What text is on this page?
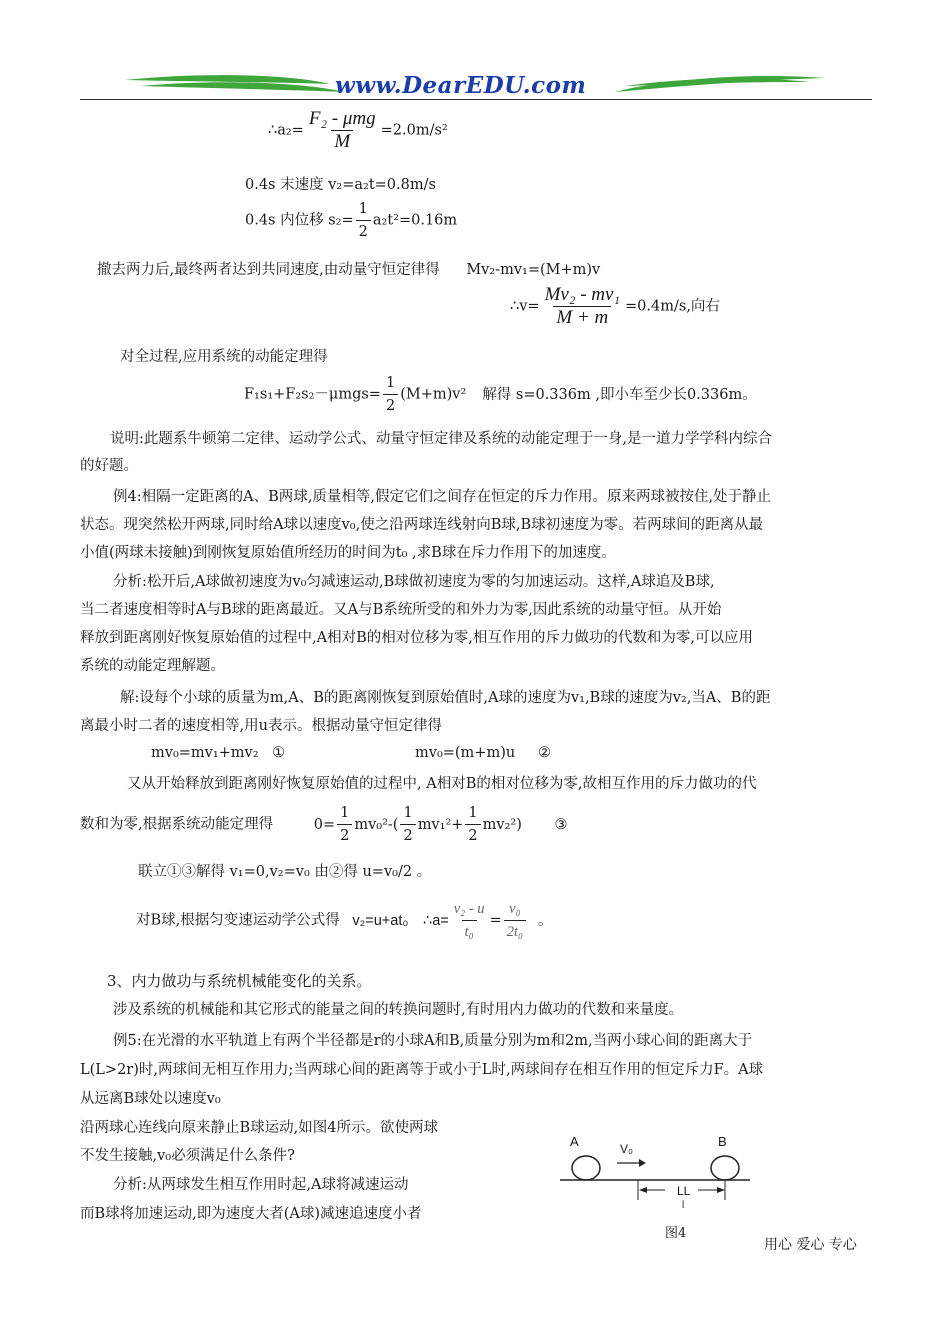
www.DearEDU.com
∴a₂= $\frac{\text{F₂ - μmg}}{M} =2.0m/s^2$
0.4s 末速度 v₂=a₂t=0.8m/s
0.4s 内位移 $s_2= \frac{1}{2} a_2t^2=0.16m$
撤去两力后,最终两者达到共同速度,由动量守恒定律得 Mv₂-mv₁=(M+m)v
∴v= $\frac{\text{Mv₂ - mv₁}}{M + m} =0.4m/s$,向右
对全过程,应用系统的动能定理得
$F_1s_1+F_2s_2-\mu mgs= \frac{1}{2} (M+m)v^2$ 解得 s=0.336m ,即小车至少长0.336m。
说明:此题系牛顿第二定律、运动学公式、动量守恒定律及系统的动能定理于一身,是一道力学学科内综合
的好题。
例4:相隔一定距离的A、B两球,质量相等,假定它们之间存在恒定的斥力作用。原来两球被按住,处于静止
状态。现突然松开两球,同时给A球以速度v₀,使之沿两球连线射向B球,B球初速度为零。若两球间的距离从最
小值(两球未接触)到刚恢复原始值所经历的时间为t₀ ,求B球在斥力作用下的加速度。
分析:松开后,A球做初速度为v₀匀减速运动,B球做初速度为零的匀加速运动。这样,A球追及B球,
当二者速度相等时A与B球的距离最近。又A与B系统所受的和外力为零,因此系统的动量守恒。从开始
释放到距离刚好恢复原始值的过程中,A相对B的相对位移为零,相互作用的斥力做功的代数和为零,可以应用
系统的动能定理解题。
解:设每个小球的质量为m,A、B的距离刚恢复到原始值时,A球的速度为v₁,B球的速度为v₂,当A、B的距
离最小时二者的速度相等,用u表示。根据动量守恒定律得
mv₀=mv₁+mv₂ ①	mv₀=(m+m)u ②
又从开始释放到距离刚好恢复原始值的过程中, A相对B的相对位移为零,故相互作用的斥力做功的代
数和为零,根据系统动能定理得	$0= \frac{1}{2} mv_0^2-( \frac{1}{2} mv_1^2+ \frac{1}{2} mv_2^2)$ ③
联立①③解得 v₁=0,v₂=v₀ 由②得 u=v₀/2 。
对B球,根据匀变速运动学公式得 v₂=u+at₀ ∴a= $\frac{\text{v₂ - u}}{\text{t₀}} = \frac{\text{v₀}}{\text{2t₀}}$ 。
3、内力做功与系统机械能变化的关系。
涉及系统的机械能和其它形式的能量之间的转换问题时,有时用内力做功的代数和来量度。
例5:在光滑的水平轨道上有两个半径都是r的小球A和B,质量分别为m和2m,当两小球心间的距离大于
L(L>2r)时,两球间无相互作用力;当两球心间的距离等于或小于L时,两球间存在相互作用的恒定斥力F。A球
从远离B球处以速度v₀
沿两球心连线向原来静止B球运动,如图4所示。欲使两球
不发生接触,v₀必须满足什么条件?
分析:从两球发生相互作用时起,A球将减速运动
而B球将加速运动,即为速度大者(A球)减速追速度小者
A	B
V₀
LL
l
图4
用心 爱心 专心
